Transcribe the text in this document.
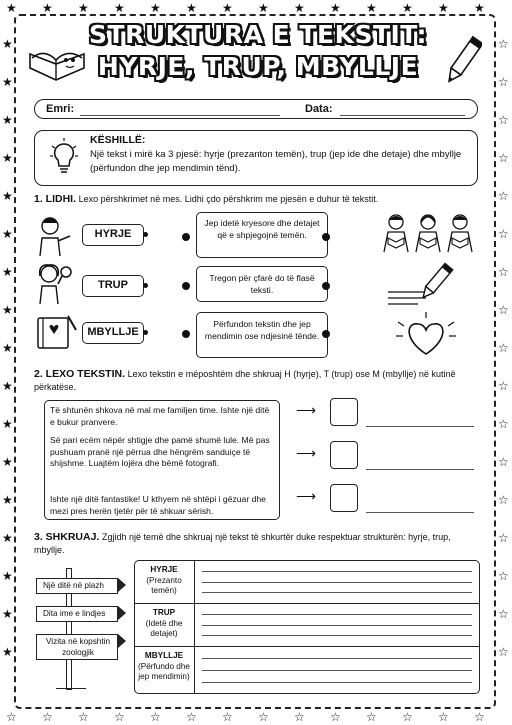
★
☆
★
☆
★
☆
★
☆
★
☆
★
☆
★
☆
★
☆
★
☆
★
☆
★
☆
★
☆
★
☆
★
☆
★	☆
★	☆
★	☆
★	☆
★	☆
★	☆
★	☆
★	☆
★	☆
★	☆
★	☆
★	☆
★	☆
★	☆
★	☆
★	☆
★	☆
STRUKTURA E TEKSTIT:
HYRJE, TRUP, MBYLLJE
Emri:	Data:
KËSHILLË:
Një tekst i mirë ka 3 pjesë: hyrje (prezanton temën), trup (jep ide dhe detaje) dhe mbyllje (përfundon dhe jep mendimin tënd).
1. LIDHI. Lexo përshkrimet në mes. Lidhi çdo përshkrim me pjesën e duhur të tekstit.
HYRJE
TRUP
MBYLLJE
Jep idetë kryesore dhe detajet që e shpjegojnë temën.
Tregon për çfarë do të flasë teksti.
Përfundon tekstin dhe jep mendimin ose ndjesinë tënde.
2. LEXO TEKSTIN. Lexo tekstin e mëposhtëm dhe shkruaj H (hyrje), T (trup) ose M (mbyllje) në kutinë përkatëse.
Të shtunën shkova në mal me familjen time. Ishte një ditë e bukur pranvere.
Së pari ecëm nëpër shtigje dhe pamë shumë lule. Më pas pushuam pranë një përrua dhe hëngrëm sanduiçe të shijshme. Luajtëm lojëra dhe bëmë fotografi.
Ishte një ditë fantastike! U kthyem në shtëpi i gëzuar dhe mezi pres herën tjetër për të shkuar sërish.
⟶
⟶
⟶
3. SHKRUAJ. Zgjidh një temë dhe shkruaj një tekst të shkurtër duke respektuar strukturën: hyrje, trup, mbyllje.
Një ditë në plazh
Dita ime e lindjes
Vizita në kopshtin zoologjik
HYRJE
(Prezanto temën)
TRUP
(Idetë dhe detajet)
MBYLLJE
(Përfundo dhe jep mendimin)
